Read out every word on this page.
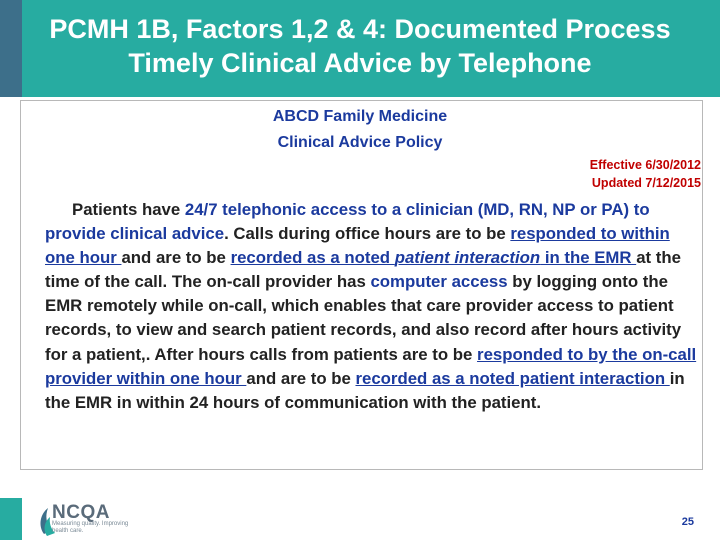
PCMH 1B, Factors 1,2 & 4: Documented Process
Timely Clinical Advice by Telephone
ABCD Family Medicine
Clinical Advice Policy
Effective 6/30/2012
Updated 7/12/2015

Patients have 24/7 telephonic access to a clinician (MD, RN, NP or PA) to provide clinical advice. Calls during office hours are to be responded to within one hour and are to be recorded as a noted patient interaction in the EMR at the time of the call. The on-call provider has computer access by logging onto the EMR remotely while on-call, which enables that care provider access to patient records, to view and search patient records, and also record after hours activity for a patient,. After hours calls from patients are to be responded to by the on-call provider within one hour and are to be recorded as a noted patient interaction in the EMR in within 24 hours of communication with the patient.

NCQA
Measuring quality. Improving health care.
25
